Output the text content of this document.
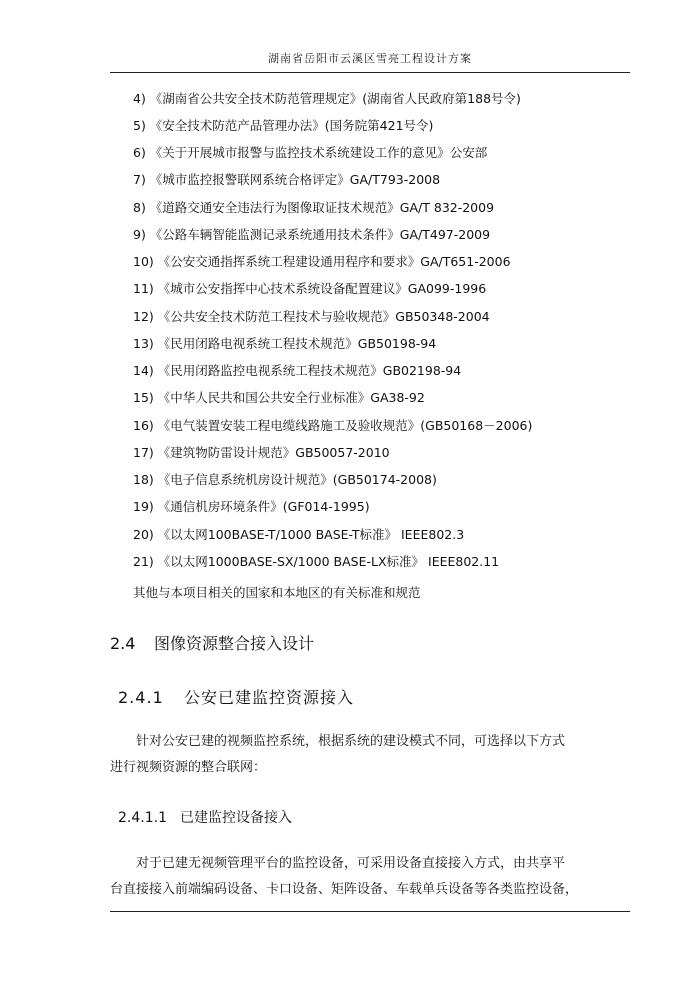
湖南省岳阳市云溪区雪亮工程设计方案
4) 《湖南省公共安全技术防范管理规定》(湖南省人民政府第188号令)
5) 《安全技术防范产品管理办法》(国务院第421号令)
6) 《关于开展城市报警与监控技术系统建设工作的意见》公安部
7) 《城市监控报警联网系统合格评定》GA/T793-2008
8) 《道路交通安全违法行为图像取证技术规范》GA/T 832-2009
9) 《公路车辆智能监测记录系统通用技术条件》GA/T497-2009
10) 《公安交通指挥系统工程建设通用程序和要求》GA/T651-2006
11) 《城市公安指挥中心技术系统设备配置建议》GA099-1996
12) 《公共安全技术防范工程技术与验收规范》GB50348-2004
13) 《民用闭路电视系统工程技术规范》GB50198-94
14) 《民用闭路监控电视系统工程技术规范》GB02198-94
15) 《中华人民共和国公共安全行业标准》GA38-92
16) 《电气装置安装工程电缆线路施工及验收规范》(GB50168－2006)
17) 《建筑物防雷设计规范》GB50057-2010
18) 《电子信息系统机房设计规范》(GB50174-2008)
19) 《通信机房环境条件》(GF014-1995)
20) 《以太网100BASE-T/1000 BASE-T标准》 IEEE802.3
21) 《以太网1000BASE-SX/1000 BASE-LX标准》 IEEE802.11
其他与本项目相关的国家和本地区的有关标准和规范
2.4 图像资源整合接入设计
2.4.1 公安已建监控资源接入
针对公安已建的视频监控系统，根据系统的建设模式不同，可选择以下方式
进行视频资源的整合联网：
2.4.1.1 已建监控设备接入
对于已建无视频管理平台的监控设备，可采用设备直接接入方式，由共享平
台直接接入前端编码设备、卡口设备、矩阵设备、车载单兵设备等各类监控设备，
